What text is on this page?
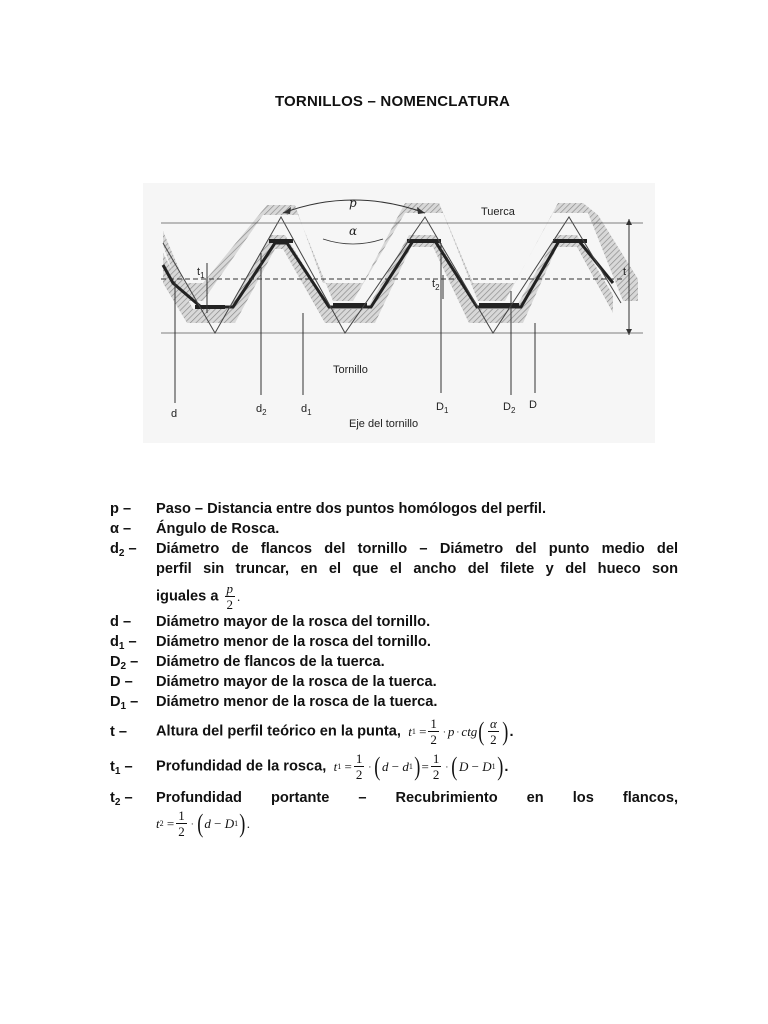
TORNILLOS – NOMENCLATURA
p
α
Tuerca
t
$t_1$
$t_2$
Tornillo
d	$d_2$	$d_1$	$D_1$	$D_2$ D
Eje del tornillo
p –	Paso – Distancia entre dos puntos homólogos del perfil.
α –	Ángulo de Rosca.
$d_2$ –	Diámetro de flancos del tornillo – Diámetro del punto medio del
perfil sin truncar, en el que el ancho del filete y del hueco son
iguales a $\frac{p}{2}$ .
d –	Diámetro mayor de la rosca del tornillo.
$d_1$ –	Diámetro menor de la rosca del tornillo.
$D_2$ –	Diámetro de flancos de la tuerca.
D –	Diámetro mayor de la rosca de la tuerca.
$D_1$ –	Diámetro menor de la rosca de la tuerca.
t –	Altura del perfil teórico en la punta, t 1
= $\frac{1}{2} \cdot p$ · ctg ( $\frac{\alpha}{2}$ ) .
$t_1$ –	Profundidad de la rosca, t 1
= $\frac{1}{2}$ · ( d
−
d 1 ) = $\frac{1}{2}$ · ( D
−
D 1 ) .
$t_2$ –	Profundidad portante – Recubrimiento en los flancos,
t 2
= $\frac{1}{2}$ · ( d
−
D 1 ) .
